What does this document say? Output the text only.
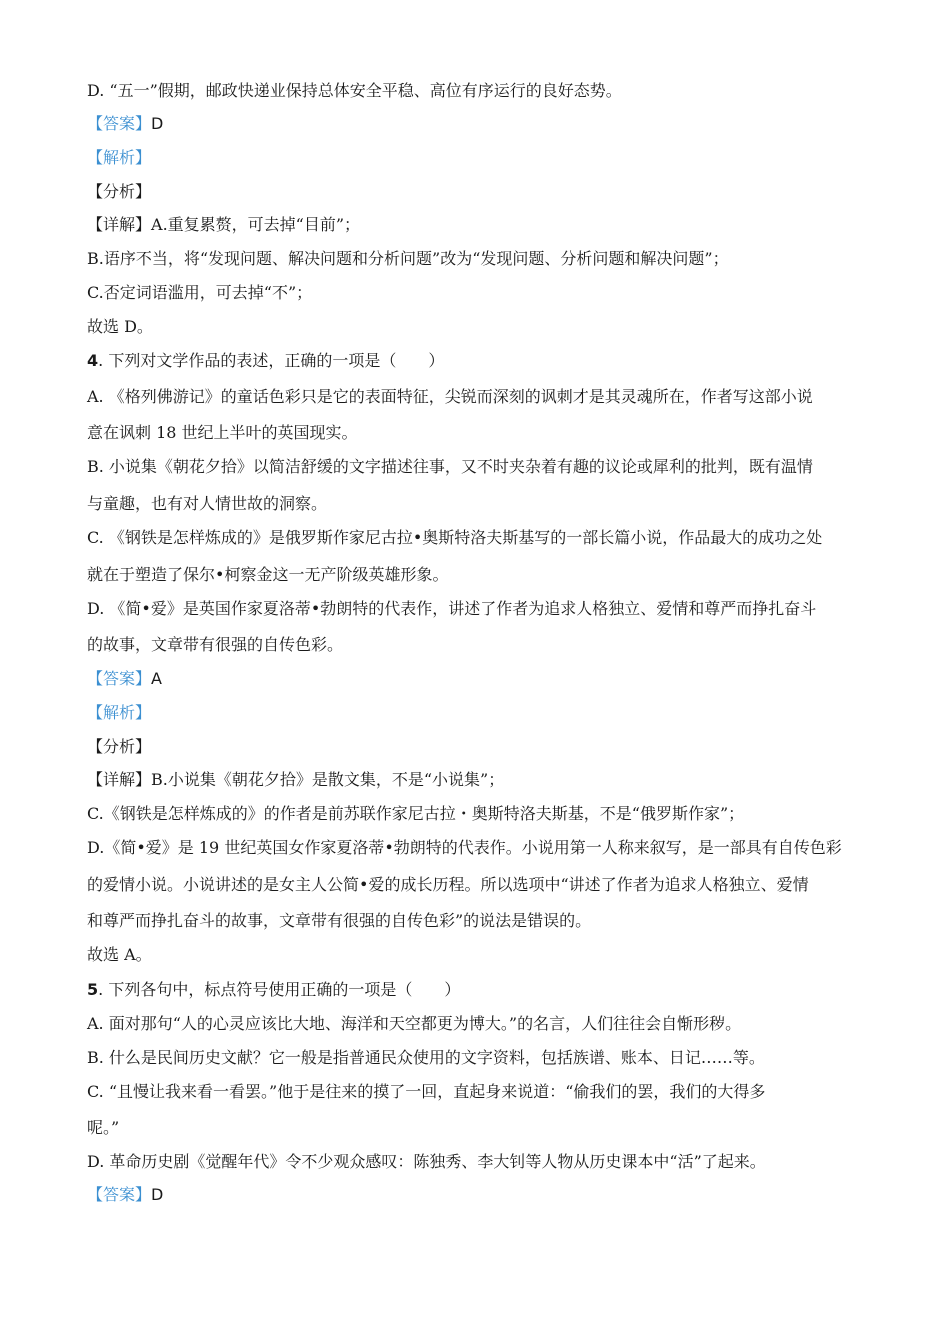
D. “五一”假期，邮政快递业保持总体安全平稳、高位有序运行的良好态势。
【答案】D
【解析】
【分析】
【详解】A.重复累赘，可去掉“目前”；
B.语序不当，将“发现问题、解决问题和分析问题”改为“发现问题、分析问题和解决问题”；
C.否定词语滥用，可去掉“不”；
故选 D。
4. 下列对文学作品的表述，正确的一项是（　　）
A. 《格列佛游记》的童话色彩只是它的表面特征，尖锐而深刻的讽刺才是其灵魂所在，作者写这部小说
意在讽刺 18 世纪上半叶的英国现实。
B. 小说集《朝花夕拾》以简洁舒缓的文字描述往事，又不时夹杂着有趣的议论或犀利的批判，既有温情
与童趣，也有对人情世故的洞察。
C. 《钢铁是怎样炼成的》是俄罗斯作家尼古拉•奥斯特洛夫斯基写的一部长篇小说，作品最大的成功之处
就在于塑造了保尔•柯察金这一无产阶级英雄形象。
D. 《简•爱》是英国作家夏洛蒂•勃朗特的代表作，讲述了作者为追求人格独立、爱情和尊严而挣扎奋斗
的故事，文章带有很强的自传色彩。
【答案】A
【解析】
【分析】
【详解】B.小说集《朝花夕拾》是散文集，不是“小说集”；
C.《钢铁是怎样炼成的》的作者是前苏联作家尼古拉・奥斯特洛夫斯基，不是“俄罗斯作家”；
D.《简•爱》是 19 世纪英国女作家夏洛蒂•勃朗特的代表作。小说用第一人称来叙写，是一部具有自传色彩
的爱情小说。小说讲述的是女主人公简•爱的成长历程。所以选项中“讲述了作者为追求人格独立、爱情
和尊严而挣扎奋斗的故事，文章带有很强的自传色彩”的说法是错误的。
故选 A。
5. 下列各句中，标点符号使用正确的一项是（　　）
A. 面对那句“人的心灵应该比大地、海洋和天空都更为博大。”的名言，人们往往会自惭形秽。
B. 什么是民间历史文献？它一般是指普通民众使用的文字资料，包括族谱、账本、日记……等。
C. “且慢让我来看一看罢。”他于是往来的摸了一回，直起身来说道：“偷我们的罢，我们的大得多
呢。”
D. 革命历史剧《觉醒年代》令不少观众感叹：陈独秀、李大钊等人物从历史课本中“活”了起来。
【答案】D
